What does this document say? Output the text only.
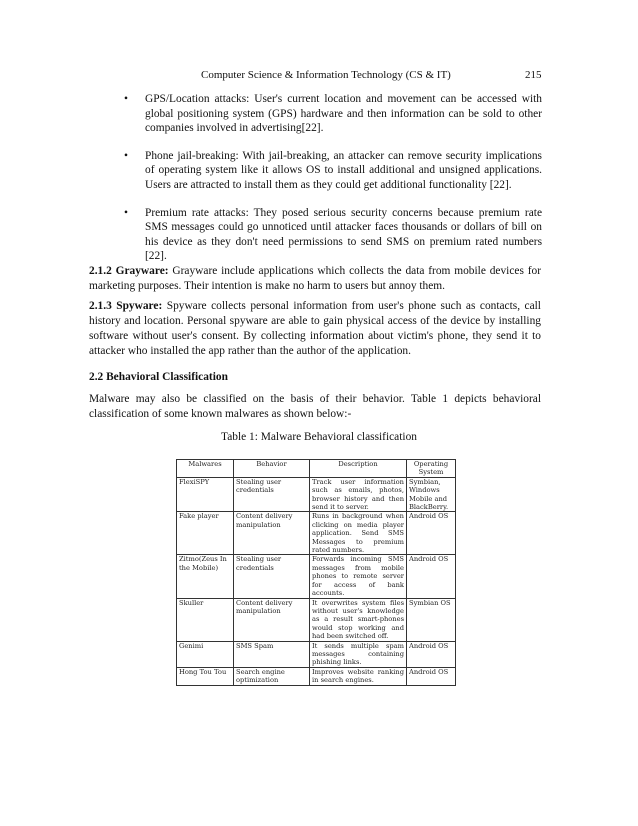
Computer Science & Information Technology (CS & IT)	215
• GPS/Location attacks: User's current location and movement can be accessed with global positioning system (GPS) hardware and then information can be sold to other companies involved in advertising[22].
• Phone jail-breaking: With jail-breaking, an attacker can remove security implications of operating system like it allows OS to install additional and unsigned applications. Users are attracted to install them as they could get additional functionality [22].
• Premium rate attacks: They posed serious security concerns because premium rate SMS messages could go unnoticed until attacker faces thousands or dollars of bill on his device as they don't need permissions to send SMS on premium rated numbers [22].

2.1.2 Grayware: Grayware include applications which collects the data from mobile devices for marketing purposes. Their intention is make no harm to users but annoy them.

2.1.3 Spyware: Spyware collects personal information from user's phone such as contacts, call history and location. Personal spyware are able to gain physical access of the device by installing software without user's consent. By collecting information about victim's phone, they send it to attacker who installed the app rather than the author of the application.

2.2 Behavioral Classification

Malware may also be classified on the basis of their behavior. Table 1 depicts behavioral classification of some known malwares as shown below:-

Table 1: Malware Behavioral classification
Malwares	Behavior	Description	Operating System
FlexiSPY	Stealing user credentials	Track user information such as emails, photos, browser history and then send it to server.	Symbian, Windows Mobile and BlackBerry.
Fake player	Content delivery manipulation	Runs in background when clicking on media player application. Send SMS Messages to premium rated numbers.	Android OS
Zitmo(Zeus In the Mobile)	Stealing user credentials	Forwards incoming SMS messages from mobile phones to remote server for access of bank accounts.	Android OS
Skuller	Content delivery manipulation	It overwrites system files without user's knowledge as a result smart-phones would stop working and had been switched off.	Symbian OS
Genimi	SMS Spam	It sends multiple spam messages containing phishing links.	Android OS
Hong Tou Tou	Search engine optimization	Improves website ranking in search engines.	Android OS
